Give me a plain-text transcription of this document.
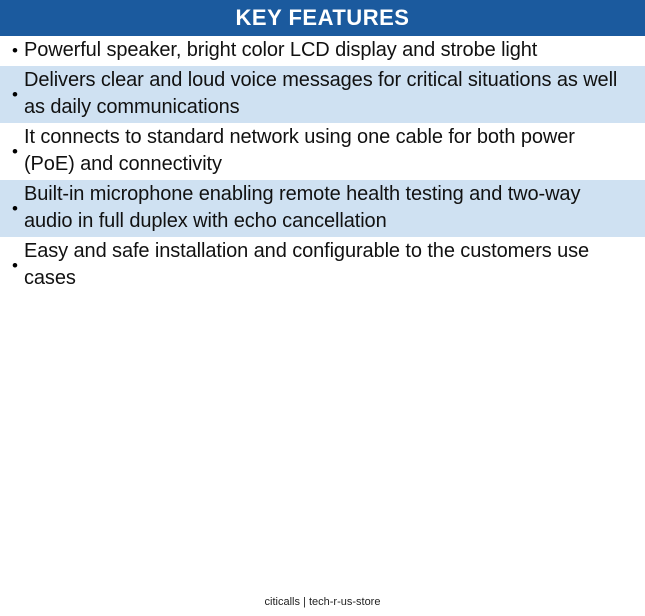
KEY FEATURES
• Powerful speaker, bright color LCD display and strobe light
•
Delivers clear and loud voice messages for critical situations as well as daily communications
•
It connects to standard network using one cable for both power (PoE) and connectivity
•
Built-in microphone enabling remote health testing and two-way audio in full duplex with echo cancellation
•
Easy and safe installation and configurable to the customers use cases
citicalls | tech-r-us-store
